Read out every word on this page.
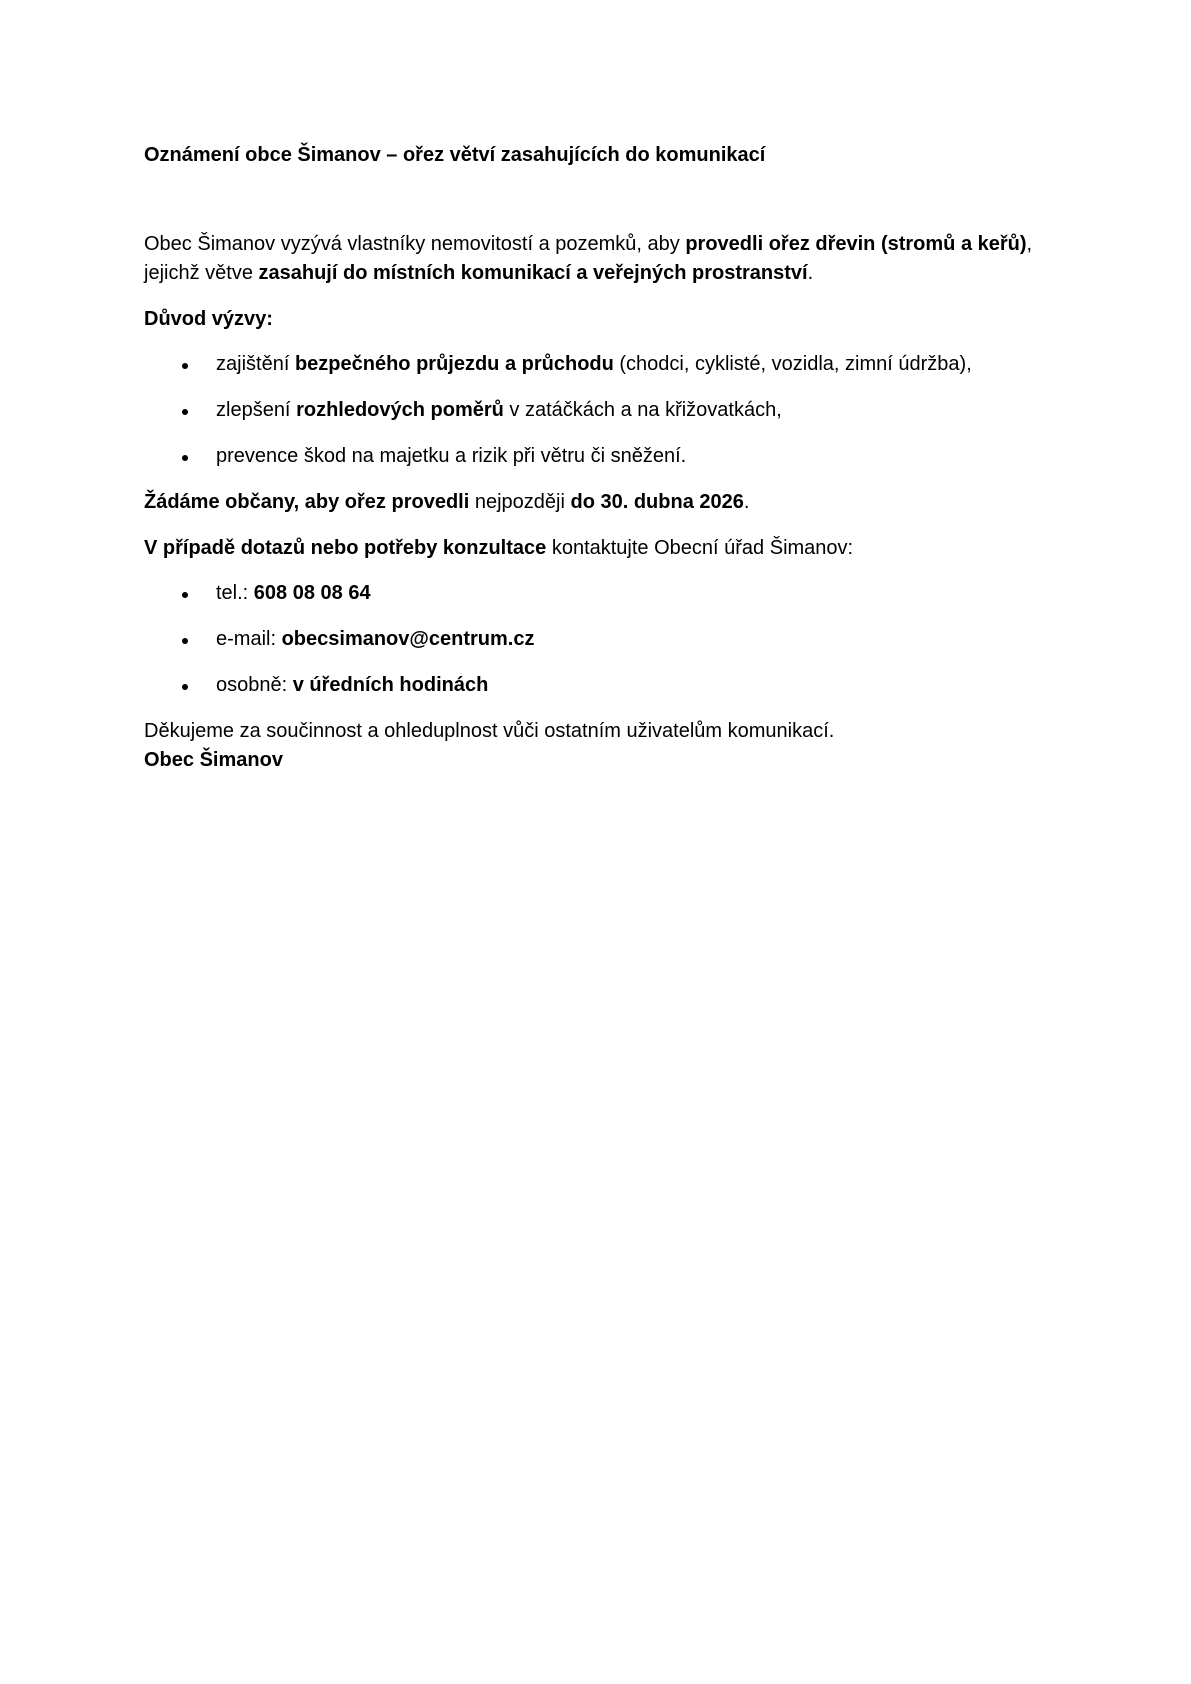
Oznámení obce Šimanov – ořez větví zasahujících do komunikací
Obec Šimanov vyzývá vlastníky nemovitostí a pozemků, aby provedli ořez dřevin (stromů a keřů),
jejichž větve zasahují do místních komunikací a veřejných prostranství.
Důvod výzvy:
zajištění bezpečného průjezdu a průchodu (chodci, cyklisté, vozidla, zimní údržba),
zlepšení rozhledových poměrů v zatáčkách a na křižovatkách,
prevence škod na majetku a rizik při větru či sněžení.
Žádáme občany, aby ořez provedli nejpozději do 30. dubna 2026.
V případě dotazů nebo potřeby konzultace kontaktujte Obecní úřad Šimanov:
tel.: 608 08 08 64
e-mail: obecsimanov@centrum.cz
osobně: v úředních hodinách
Děkujeme za součinnost a ohleduplnost vůči ostatním uživatelům komunikací.
Obec Šimanov
